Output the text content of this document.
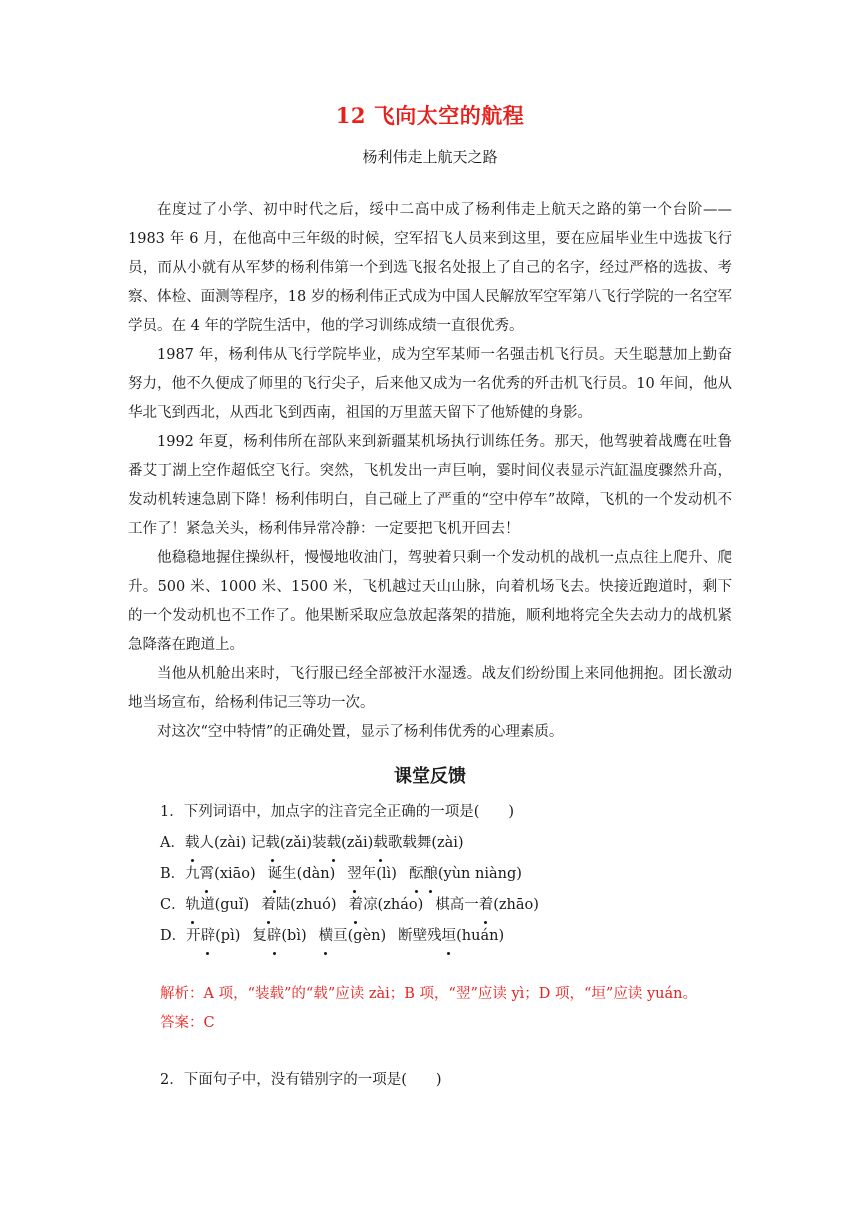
12 飞向太空的航程
杨利伟走上航天之路

在度过了小学、初中时代之后，绥中二高中成了杨利伟走上航天之路的第一个台阶——1983 年 6 月，在他高中三年级的时候，空军招飞人员来到这里，要在应届毕业生中选拔飞行员，而从小就有从军梦的杨利伟第一个到选飞报名处报上了自己的名字，经过严格的选拔、考察、体检、面测等程序，18 岁的杨利伟正式成为中国人民解放军空军第八飞行学院的一名空军学员。在 4 年的学院生活中，他的学习训练成绩一直很优秀。

1987 年，杨利伟从飞行学院毕业，成为空军某师一名强击机飞行员。天生聪慧加上勤奋努力，他不久便成了师里的飞行尖子，后来他又成为一名优秀的歼击机飞行员。10 年间，他从华北飞到西北，从西北飞到西南，祖国的万里蓝天留下了他矫健的身影。

1992 年夏，杨利伟所在部队来到新疆某机场执行训练任务。那天，他驾驶着战鹰在吐鲁番艾丁湖上空作超低空飞行。突然，飞机发出一声巨响，霎时间仪表显示汽缸温度骤然升高，发动机转速急剧下降！杨利伟明白，自己碰上了严重的“空中停车”故障，飞机的一个发动机不工作了！紧急关头，杨利伟异常冷静：一定要把飞机开回去！

他稳稳地握住操纵杆，慢慢地收油门，驾驶着只剩一个发动机的战机一点点往上爬升、爬升。500 米、1000 米、1500 米，飞机越过天山山脉，向着机场飞去。快接近跑道时，剩下的一个发动机也不工作了。他果断采取应急放起落架的措施，顺利地将完全失去动力的战机紧急降落在跑道上。

当他从机舱出来时，飞行服已经全部被汗水湿透。战友们纷纷围上来同他拥抱。团长激动地当场宣布，给杨利伟记三等功一次。

对这次“空中特情”的正确处置，显示了杨利伟优秀的心理素质。

课堂反馈
1．下列词语中，加点字的注音完全正确的一项是(　　)
A．载人(zài) 记载(zǎi)装载(zǎi)载歌载舞(zài)
B．九霄(xiāo) 诞生(dàn) 翌年(lì) 酝酿(yùn niàng)
C．轨道(guǐ) 着陆(zhuó) 着凉(zháo) 棋高一着(zhāo)
D．开辟(pì) 复辟(bì) 横亘(gèn) 断壁残垣(huán)
解析：A 项，“装载”的“载”应读 zài；B 项，“翌”应读 yì；D 项，“垣”应读 yuán。
答案：C
2．下面句子中，没有错别字的一项是(　　)
